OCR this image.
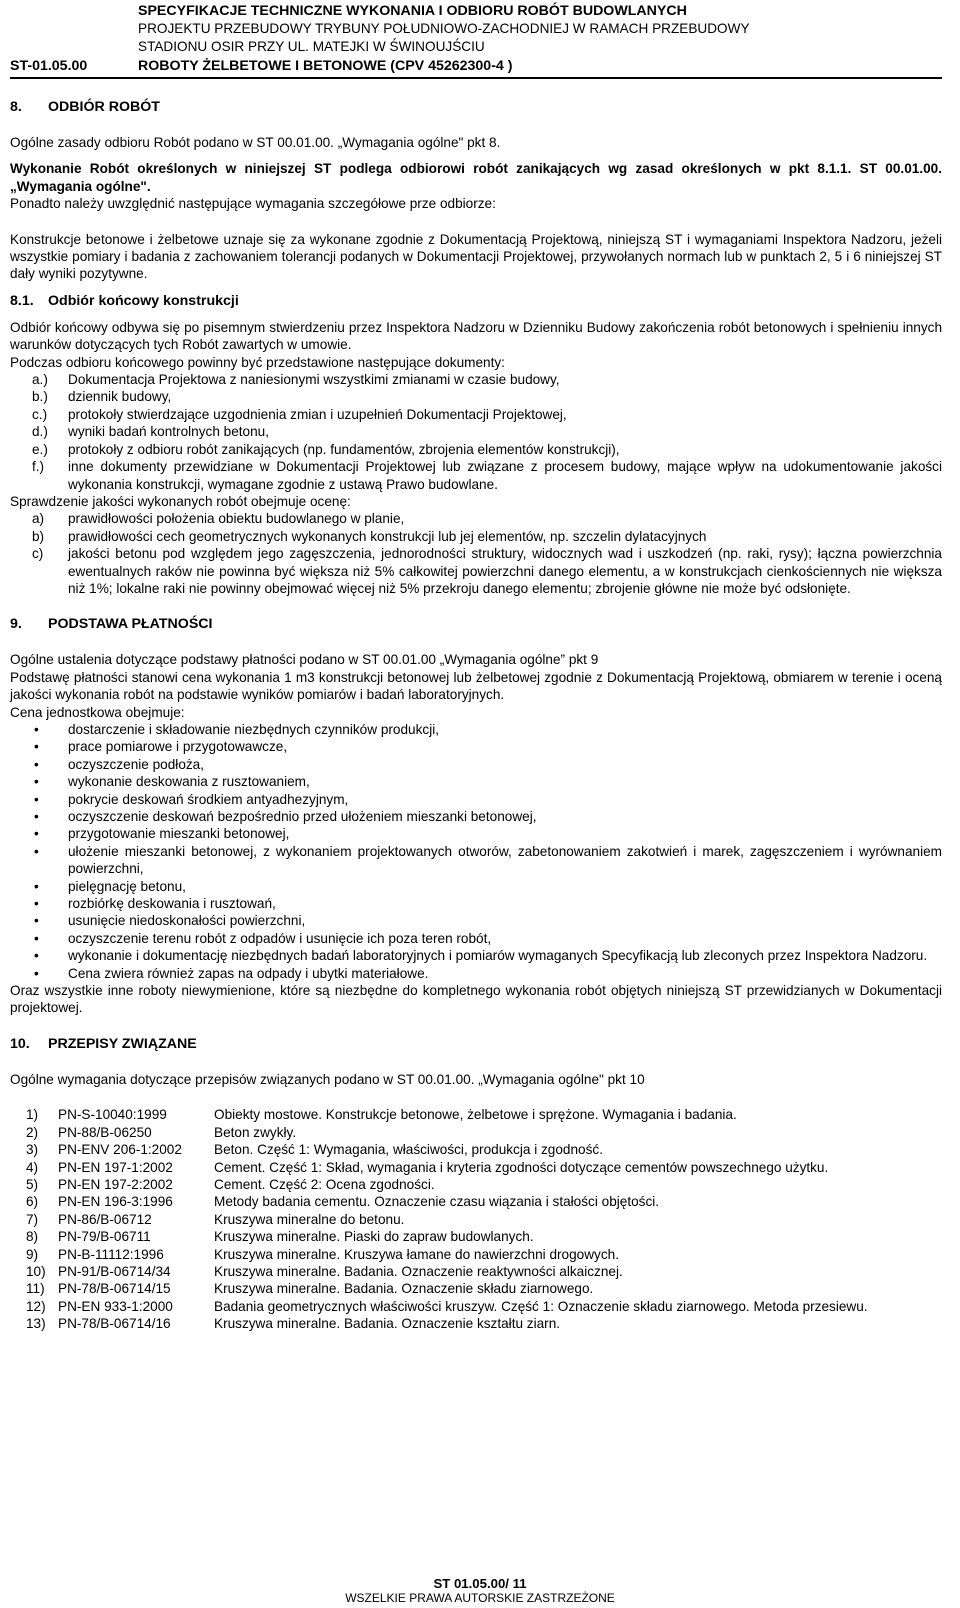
SPECYFIKACJE TECHNICZNE WYKONANIA I ODBIORU ROBÓT BUDOWLANYCH
PROJEKTU PRZEBUDOWY TRYBUNY POŁUDNIOWO-ZACHODNIEJ W RAMACH PRZEBUDOWY
STADIONU OSIR PRZY UL. MATEJKI W ŚWINOUJŚCIU
ST-01.05.00	ROBOTY ŻELBETOWE I BETONOWE (CPV 45262300-4 )
8. ODBIÓR ROBÓT

Ogólne zasady odbioru Robót podano w ST 00.01.00. „Wymagania ogólne" pkt 8.

Wykonanie Robót określonych w niniejszej ST podlega odbiorowi robót zanikających wg zasad określonych w pkt 8.1.1. ST 00.01.00. „Wymagania ogólne".

Ponadto należy uwzględnić następujące wymagania szczegółowe prze odbiorze:

Konstrukcje betonowe i żelbetowe uznaje się za wykonane zgodnie z Dokumentacją Projektową, niniejszą ST i wymaganiami Inspektora Nadzoru, jeżeli wszystkie pomiary i badania z zachowaniem tolerancji podanych w Dokumentacji Projektowej, przywołanych normach lub w punktach 2, 5 i 6 niniejszej ST dały wyniki pozytywne.

8.1. Odbiór końcowy konstrukcji

Odbiór końcowy odbywa się po pisemnym stwierdzeniu przez Inspektora Nadzoru w Dzienniku Budowy zakończenia robót betonowych i spełnieniu innych warunków dotyczących tych Robót zawartych w umowie.

Podczas odbioru końcowego powinny być przedstawione następujące dokumenty:

a.) Dokumentacja Projektowa z naniesionymi wszystkimi zmianami w czasie budowy,
b.) dziennik budowy,
c.) protokoły stwierdzające uzgodnienia zmian i uzupełnień Dokumentacji Projektowej,
d.) wyniki badań kontrolnych betonu,
e.) protokoły z odbioru robót zanikających (np. fundamentów, zbrojenia elementów konstrukcji),
f.) inne dokumenty przewidziane w Dokumentacji Projektowej lub związane z procesem budowy, mające wpływ na udokumentowanie jakości wykonania konstrukcji, wymagane zgodnie z ustawą Prawo budowlane.

Sprawdzenie jakości wykonanych robót obejmuje ocenę:

a) prawidłowości położenia obiektu budowlanego w planie,
b) prawidłowości cech geometrycznych wykonanych konstrukcji lub jej elementów, np. szczelin dylatacyjnych
c) jakości betonu pod względem jego zagęszczenia, jednorodności struktury, widocznych wad i uszkodzeń (np. raki, rysy); łączna powierzchnia ewentualnych raków nie powinna być większa niż 5% całkowitej powierzchni danego elementu, a w konstrukcjach cienkościennych nie większa niż 1%; lokalne raki nie powinny obejmować więcej niż 5% przekroju danego elementu; zbrojenie główne nie może być odsłonięte.
9. PODSTAWA PŁATNOŚCI

Ogólne ustalenia dotyczące podstawy płatności podano w ST 00.01.00 „Wymagania ogólne” pkt 9

Podstawę płatności stanowi cena wykonania 1 m3 konstrukcji betonowej lub żelbetowej zgodnie z Dokumentacją Projektową, obmiarem w terenie i oceną jakości wykonania robót na podstawie wyników pomiarów i badań laboratoryjnych.

Cena jednostkowa obejmuje:

• dostarczenie i składowanie niezbędnych czynników produkcji,
• prace pomiarowe i przygotowawcze,
• oczyszczenie podłoża,
• wykonanie deskowania z rusztowaniem,
• pokrycie deskowań środkiem antyadhezyjnym,
• oczyszczenie deskowań bezpośrednio przed ułożeniem mieszanki betonowej,
• przygotowanie mieszanki betonowej,
• ułożenie mieszanki betonowej, z wykonaniem projektowanych otworów, zabetonowaniem zakotwień i marek, zagęszczeniem i wyrównaniem powierzchni,
• pielęgnację betonu,
• rozbiórkę deskowania i rusztowań,
• usunięcie niedoskonałości powierzchni,
• oczyszczenie terenu robót z odpadów i usunięcie ich poza teren robót,
• wykonanie i dokumentację niezbędnych badań laboratoryjnych i pomiarów wymaganych Specyfikacją lub zleconych przez Inspektora Nadzoru.
• Cena zwiera również zapas na odpady i ubytki materiałowe.

Oraz wszystkie inne roboty niewymienione, które są niezbędne do kompletnego wykonania robót objętych niniejszą ST przewidzianych w Dokumentacji projektowej.

10. PRZEPISY ZWIĄZANE

Ogólne wymagania dotyczące przepisów związanych podano w ST 00.01.00. „Wymagania ogólne" pkt 10

1)	PN-S-10040:1999	Obiekty mostowe. Konstrukcje betonowe, żelbetowe i sprężone. Wymagania i badania.
2)	PN-88/B-06250	Beton zwykły.
3)	PN-ENV 206-1:2002	Beton. Część 1: Wymagania, właściwości, produkcja i zgodność.
4)	PN-EN 197-1:2002	Cement. Część 1: Skład, wymagania i kryteria zgodności dotyczące cementów powszechnego użytku.
5)	PN-EN 197-2:2002	Cement. Część 2: Ocena zgodności.
6)	PN-EN 196-3:1996	Metody badania cementu. Oznaczenie czasu wiązania i stałości objętości.
7)	PN-86/B-06712	Kruszywa mineralne do betonu.
8)	PN-79/B-06711	Kruszywa mineralne. Piaski do zapraw budowlanych.
9)	PN-B-11112:1996	Kruszywa mineralne. Kruszywa łamane do nawierzchni drogowych.
10)	PN-91/B-06714/34	Kruszywa mineralne. Badania. Oznaczenie reaktywności alkaicznej.
11)	PN-78/B-06714/15	Kruszywa mineralne. Badania. Oznaczenie składu ziarnowego.
12)	PN-EN 933-1:2000	Badania geometrycznych właściwości kruszyw. Część 1: Oznaczenie składu ziarnowego. Metoda przesiewu.
13)	PN-78/B-06714/16	Kruszywa mineralne. Badania. Oznaczenie kształtu ziarn.
ST 01.05.00/ 11
WSZELKIE PRAWA AUTORSKIE ZASTRZEŻONE
